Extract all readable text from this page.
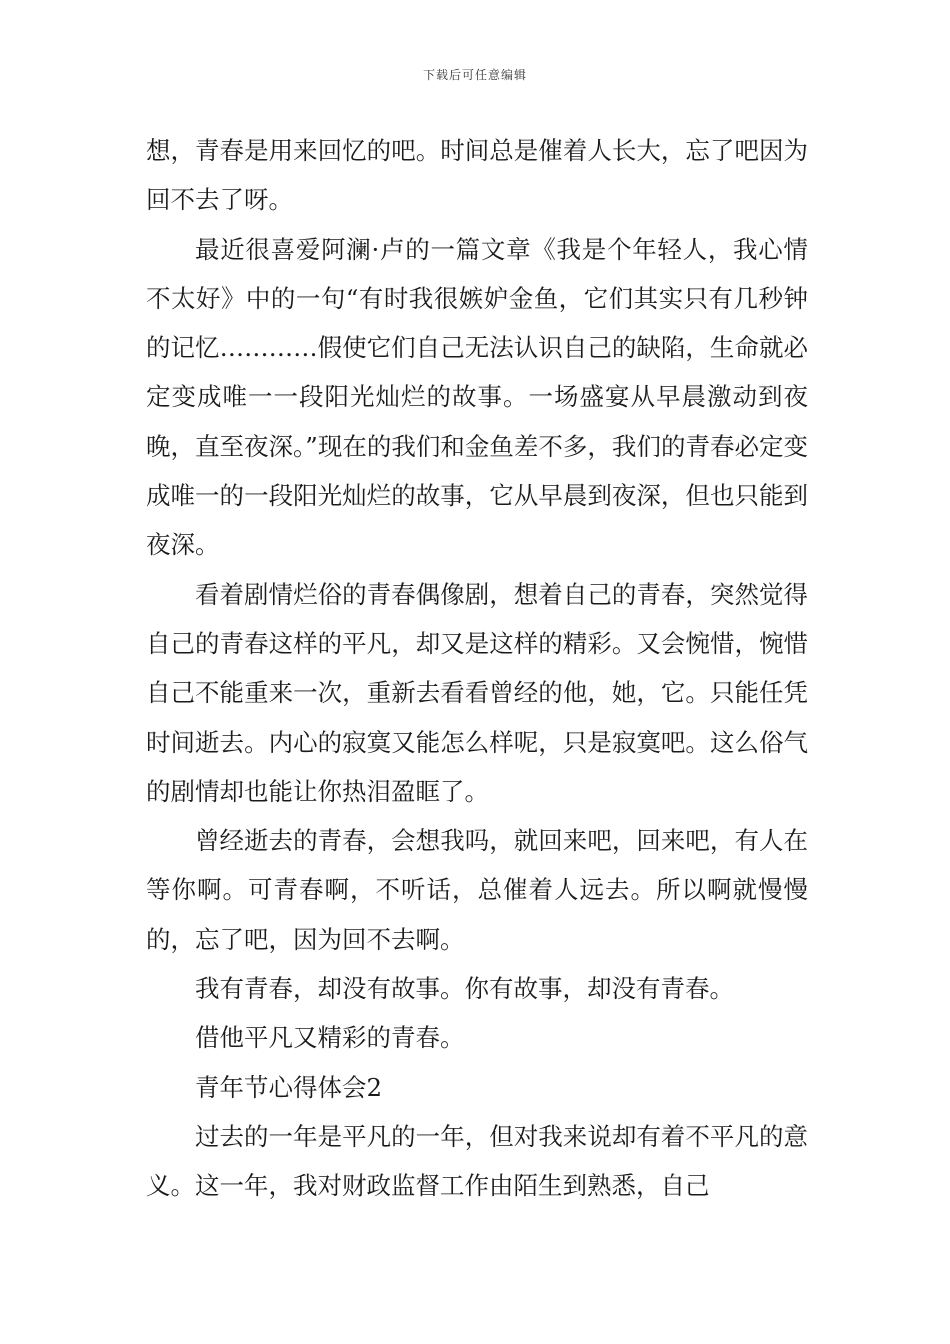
下载后可任意编辑

想，青春是用来回忆的吧。时间总是催着人长大，忘了吧因为回不去了呀。

最近很喜爱阿澜·卢的一篇文章《我是个年轻人，我心情不太好》中的一句“有时我很嫉妒金鱼，它们其实只有几秒钟的记忆…………假使它们自己无法认识自己的缺陷，生命就必定变成唯一一段阳光灿烂的故事。一场盛宴从早晨激动到夜晚，直至夜深。”现在的我们和金鱼差不多，我们的青春必定变成唯一的一段阳光灿烂的故事，它从早晨到夜深，但也只能到夜深。

看着剧情烂俗的青春偶像剧，想着自己的青春，突然觉得自己的青春这样的平凡，却又是这样的精彩。又会惋惜，惋惜自己不能重来一次，重新去看看曾经的他，她，它。只能任凭时间逝去。内心的寂寞又能怎么样呢，只是寂寞吧。这么俗气的剧情却也能让你热泪盈眶了。

曾经逝去的青春，会想我吗，就回来吧，回来吧，有人在等你啊。可青春啊，不听话，总催着人远去。所以啊就慢慢的，忘了吧，因为回不去啊。

我有青春，却没有故事。你有故事，却没有青春。

借他平凡又精彩的青春。

青年节心得体会2

过去的一年是平凡的一年，但对我来说却有着不平凡的意义。这一年，我对财政监督工作由陌生到熟悉，自己
